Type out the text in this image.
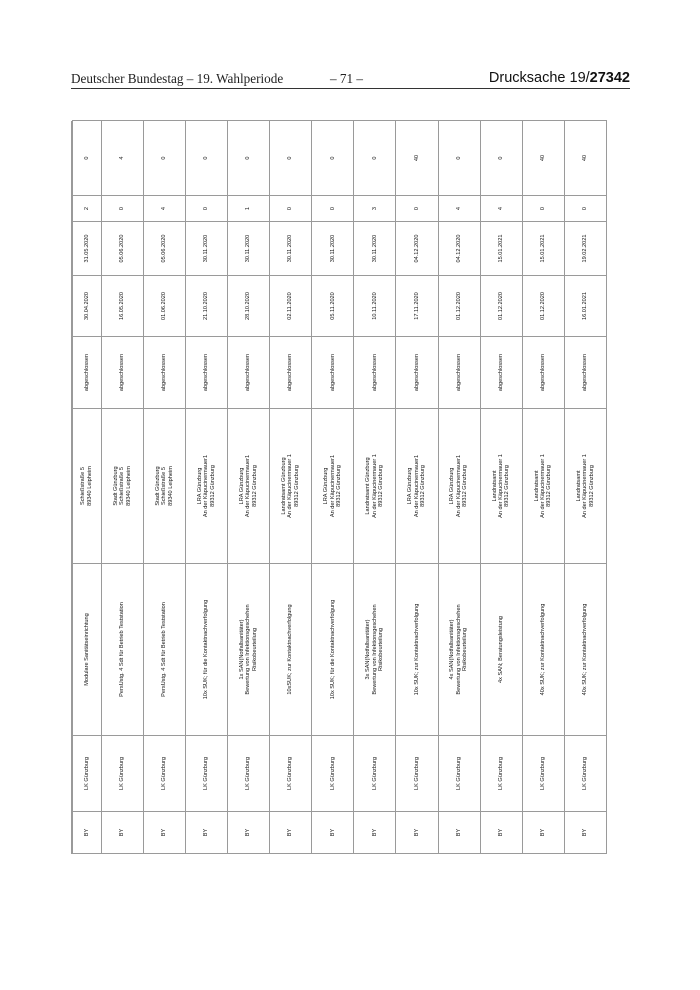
Deutscher Bundestag – 19. Wahlperiode	– 71 –	Drucksache 19/27342
BY	LK Günzburg	Modulare Sanitätseinrichtung	Schießstraße 5
89340 Leipheim	abgeschlossen	30.04.2020	31.05.2020	2	0
BY	LK Günzburg	PersUstg. 4 Sdt für Betrieb Teststation	Stadt Günzburg
Schießstraße 5
89340 Leipheim	abgeschlossen	16.05.2020	05.06.2020	0	4
BY	LK Günzburg	PersUstg. 4 Sdt für Betrieb Teststation	Stadt Günzburg
Schießstraße 5
89340 Leipheim	abgeschlossen	01.06.2020	05.06.2020	4	0
BY	LK Günzburg	10x SUK; für die Kontaktnachverfolgung	LRA Günzburg
An der Käpucinermauer1
89312 Günzburg	abgeschlossen	21.10.2020	30.11.2020	0	0
BY	LK Günzburg	1x SAN(Notfallsanitäter)
Bewertung von Infektionsgeschehen
Risikobeurteilung	LRA Günzburg
An der Käpucinermauer1
89312 Günzburg	abgeschlossen	28.10.2020	30.11.2020	1	0
BY	LK Günzburg	10xSUK; zur Kontaktnachverfolgung	Landratsamt Günzburg
An der Käpucinermauer 1
89312 Günzburg	abgeschlossen	02.11.2020	30.11.2020	0	0
BY	LK Günzburg	10x SUK; für die Kontaktnachverfolgung	LRA Günzburg
An der Käpucinermauer1
89312 Günzburg	abgeschlossen	05.11.2020	30.11.2020	0	0
BY	LK Günzburg	3x SAN(Notfallsanitäter)
Bewertung von Infektionsgeschehen
Risikobeurteilung	Landratsamt Günzburg
An der Käpucinermauer 1
89312 Günzburg	abgeschlossen	10.11.2020	30.11.2020	3	0
BY	LK Günzburg	10x SUK; zur Kontaktnachverfolgung	LRA Günzburg
An der Käpucinermauer1
89312 Günzburg	abgeschlossen	17.11.2020	04.12.2020	0	40
BY	LK Günzburg	4x SAN(Notfallsanitäter)
Bewertung von Infektionsgeschehen
Risikobeurteilung	LRA Günzburg
An der Käpucinermauer1
89312 Günzburg	abgeschlossen	01.12.2020	04.12.2020	4	0
BY	LK Günzburg	4x SAN; Beratungsleistung	Landratsamt
An der Käpucinermauer 1
89312 Günzburg	abgeschlossen	01.12.2020	15.01.2021	4	0
BY	LK Günzburg	40x SUK; zur Kontaktnachverfolgung	Landratsamt
An der Käpucinermauer 1
89312 Günzburg	abgeschlossen	01.12.2020	15.01.2021	0	40
BY	LK Günzburg	40x SUK; zur Kontaktnachverfolgung	Landratsamt
An der Käpucinermauer 1
89312 Günzburg	abgeschlossen	16.01.2021	19.02.2021	0	40
